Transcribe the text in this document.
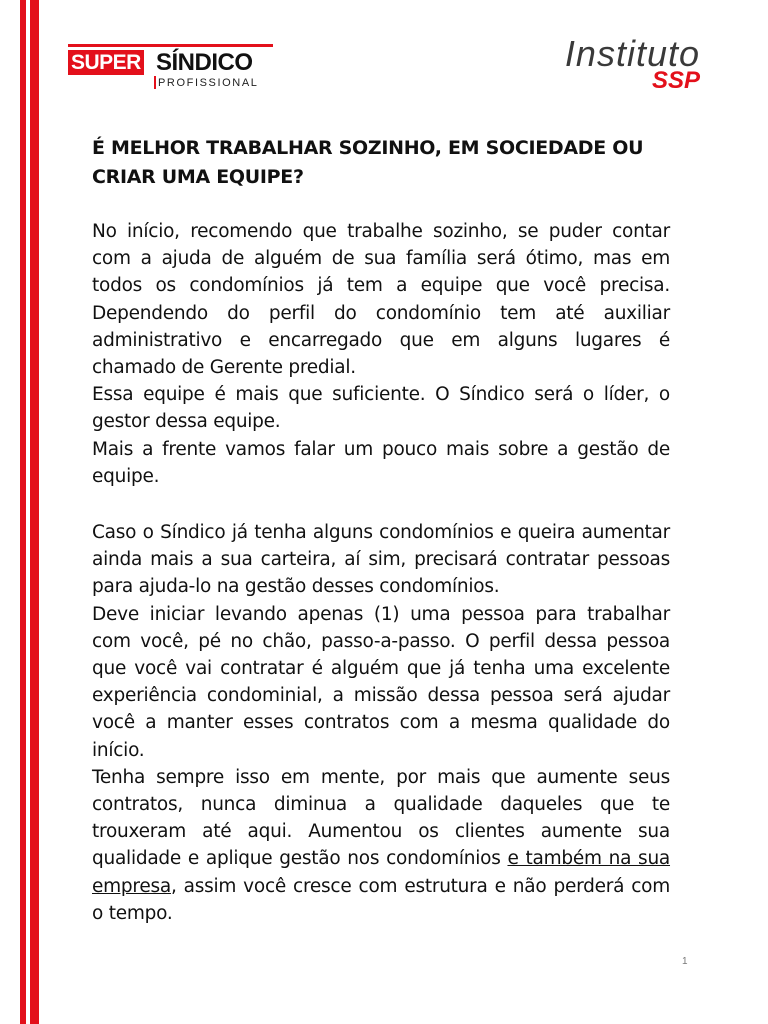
SUPER SÍNDICO
PROFISSIONAL
Instituto
SSP
É MELHOR TRABALHAR SOZINHO, EM SOCIEDADE OU CRIAR UMA EQUIPE?

No início, recomendo que trabalhe sozinho, se puder contar com a ajuda de alguém de sua família será ótimo, mas em todos os condomínios já tem a equipe que você precisa. Dependendo do perfil do condomínio tem até auxiliar administrativo e encarregado que em alguns lugares é chamado de Gerente predial.

Essa equipe é mais que suficiente. O Síndico será o líder, o gestor dessa equipe.

Mais a frente vamos falar um pouco mais sobre a gestão de equipe.

Caso o Síndico já tenha alguns condomínios e queira aumentar ainda mais a sua carteira, aí sim, precisará contratar pessoas para ajuda-lo na gestão desses condomínios.

Deve iniciar levando apenas (1) uma pessoa para trabalhar com você, pé no chão, passo-a-passo. O perfil dessa pessoa que você vai contratar é alguém que já tenha uma excelente experiência condominial, a missão dessa pessoa será ajudar você a manter esses contratos com a mesma qualidade do início.

Tenha sempre isso em mente, por mais que aumente seus contratos, nunca diminua a qualidade daqueles que te trouxeram até aqui. Aumentou os clientes aumente sua qualidade e aplique gestão nos condomínios e também na sua empresa, assim você cresce com estrutura e não perderá com o tempo.

1
